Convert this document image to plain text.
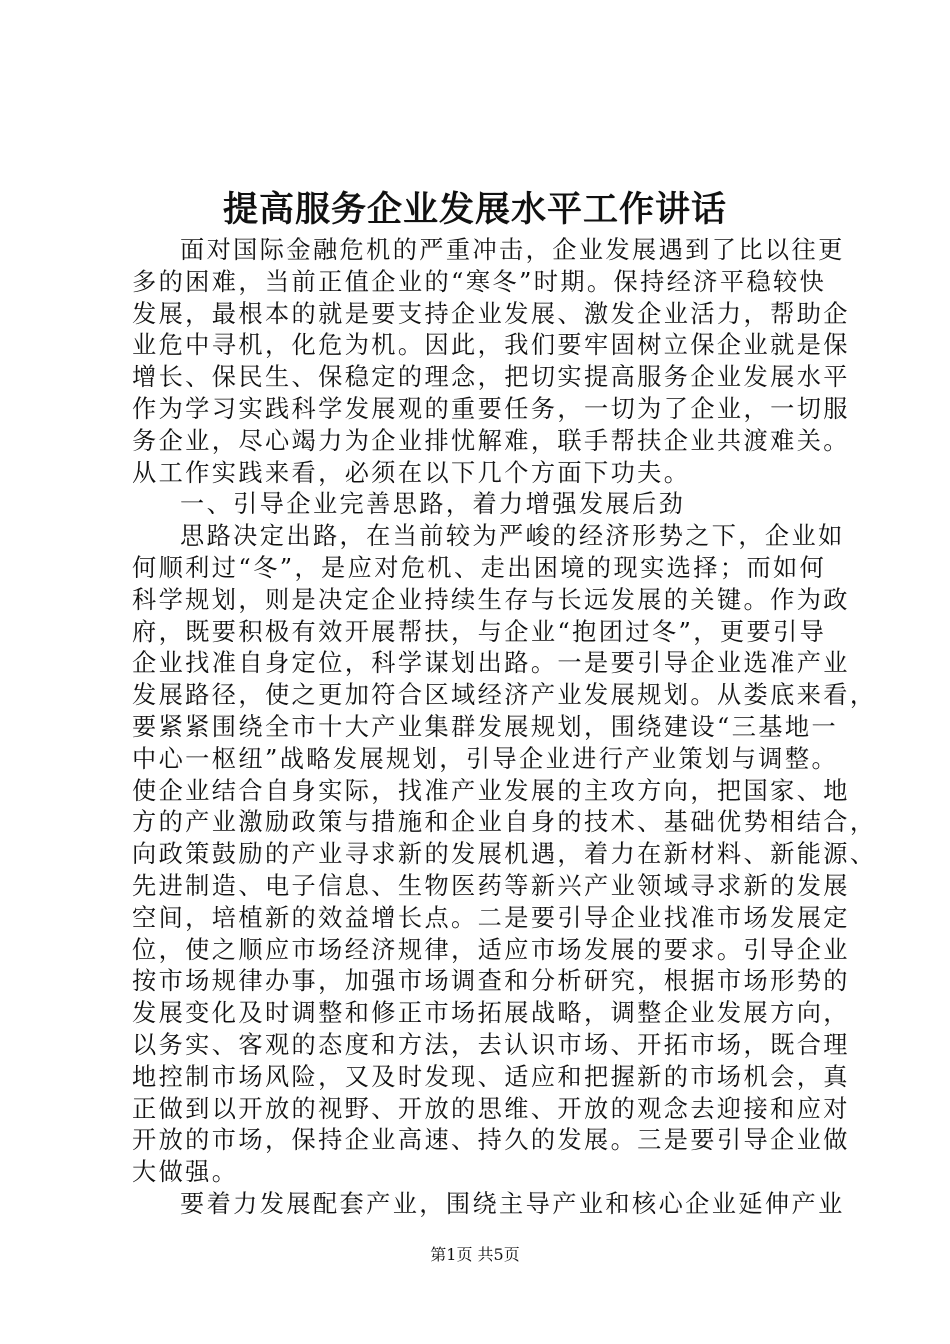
提高服务企业发展水平工作讲话
面对国际金融危机的严重冲击，企业发展遇到了比以往更
多的困难，当前正值企业的“寒冬”时期。保持经济平稳较快
发展，最根本的就是要支持企业发展、激发企业活力，帮助企
业危中寻机，化危为机。因此，我们要牢固树立保企业就是保
增长、保民生、保稳定的理念，把切实提高服务企业发展水平
作为学习实践科学发展观的重要任务，一切为了企业，一切服
务企业，尽心竭力为企业排忧解难，联手帮扶企业共渡难关。
从工作实践来看，必须在以下几个方面下功夫。
一、引导企业完善思路，着力增强发展后劲
思路决定出路，在当前较为严峻的经济形势之下，企业如
何顺利过“冬”，是应对危机、走出困境的现实选择；而如何
科学规划，则是决定企业持续生存与长远发展的关键。作为政
府，既要积极有效开展帮扶，与企业“抱团过冬”，更要引导
企业找准自身定位，科学谋划出路。一是要引导企业选准产业
发展路径，使之更加符合区域经济产业发展规划。从娄底来看，
要紧紧围绕全市十大产业集群发展规划，围绕建设“三基地一
中心一枢纽”战略发展规划，引导企业进行产业策划与调整。
使企业结合自身实际，找准产业发展的主攻方向，把国家、地
方的产业激励政策与措施和企业自身的技术、基础优势相结合，
向政策鼓励的产业寻求新的发展机遇，着力在新材料、新能源、
先进制造、电子信息、生物医药等新兴产业领域寻求新的发展
空间，培植新的效益增长点。二是要引导企业找准市场发展定
位，使之顺应市场经济规律，适应市场发展的要求。引导企业
按市场规律办事，加强市场调查和分析研究，根据市场形势的
发展变化及时调整和修正市场拓展战略，调整企业发展方向，
以务实、客观的态度和方法，去认识市场、开拓市场，既合理
地控制市场风险，又及时发现、适应和把握新的市场机会，真
正做到以开放的视野、开放的思维、开放的观念去迎接和应对
开放的市场，保持企业高速、持久的发展。三是要引导企业做
大做强。
要着力发展配套产业，围绕主导产业和核心企业延伸产业
第1页 共5页
